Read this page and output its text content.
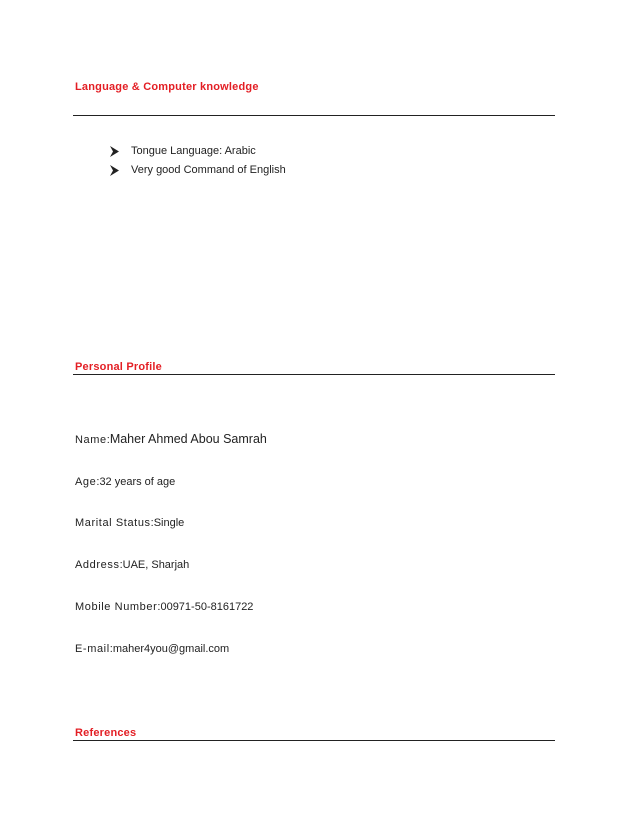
Language & Computer knowledge
Tongue Language: Arabic
Very good Command of English
Personal Profile
Name : Maher Ahmed Abou Samrah
Age : 32 years of age
Marital Status : Single
Address : UAE, Sharjah
Mobile Number : 00971-50-8161722
E-mail : maher4you@gmail.com
References
